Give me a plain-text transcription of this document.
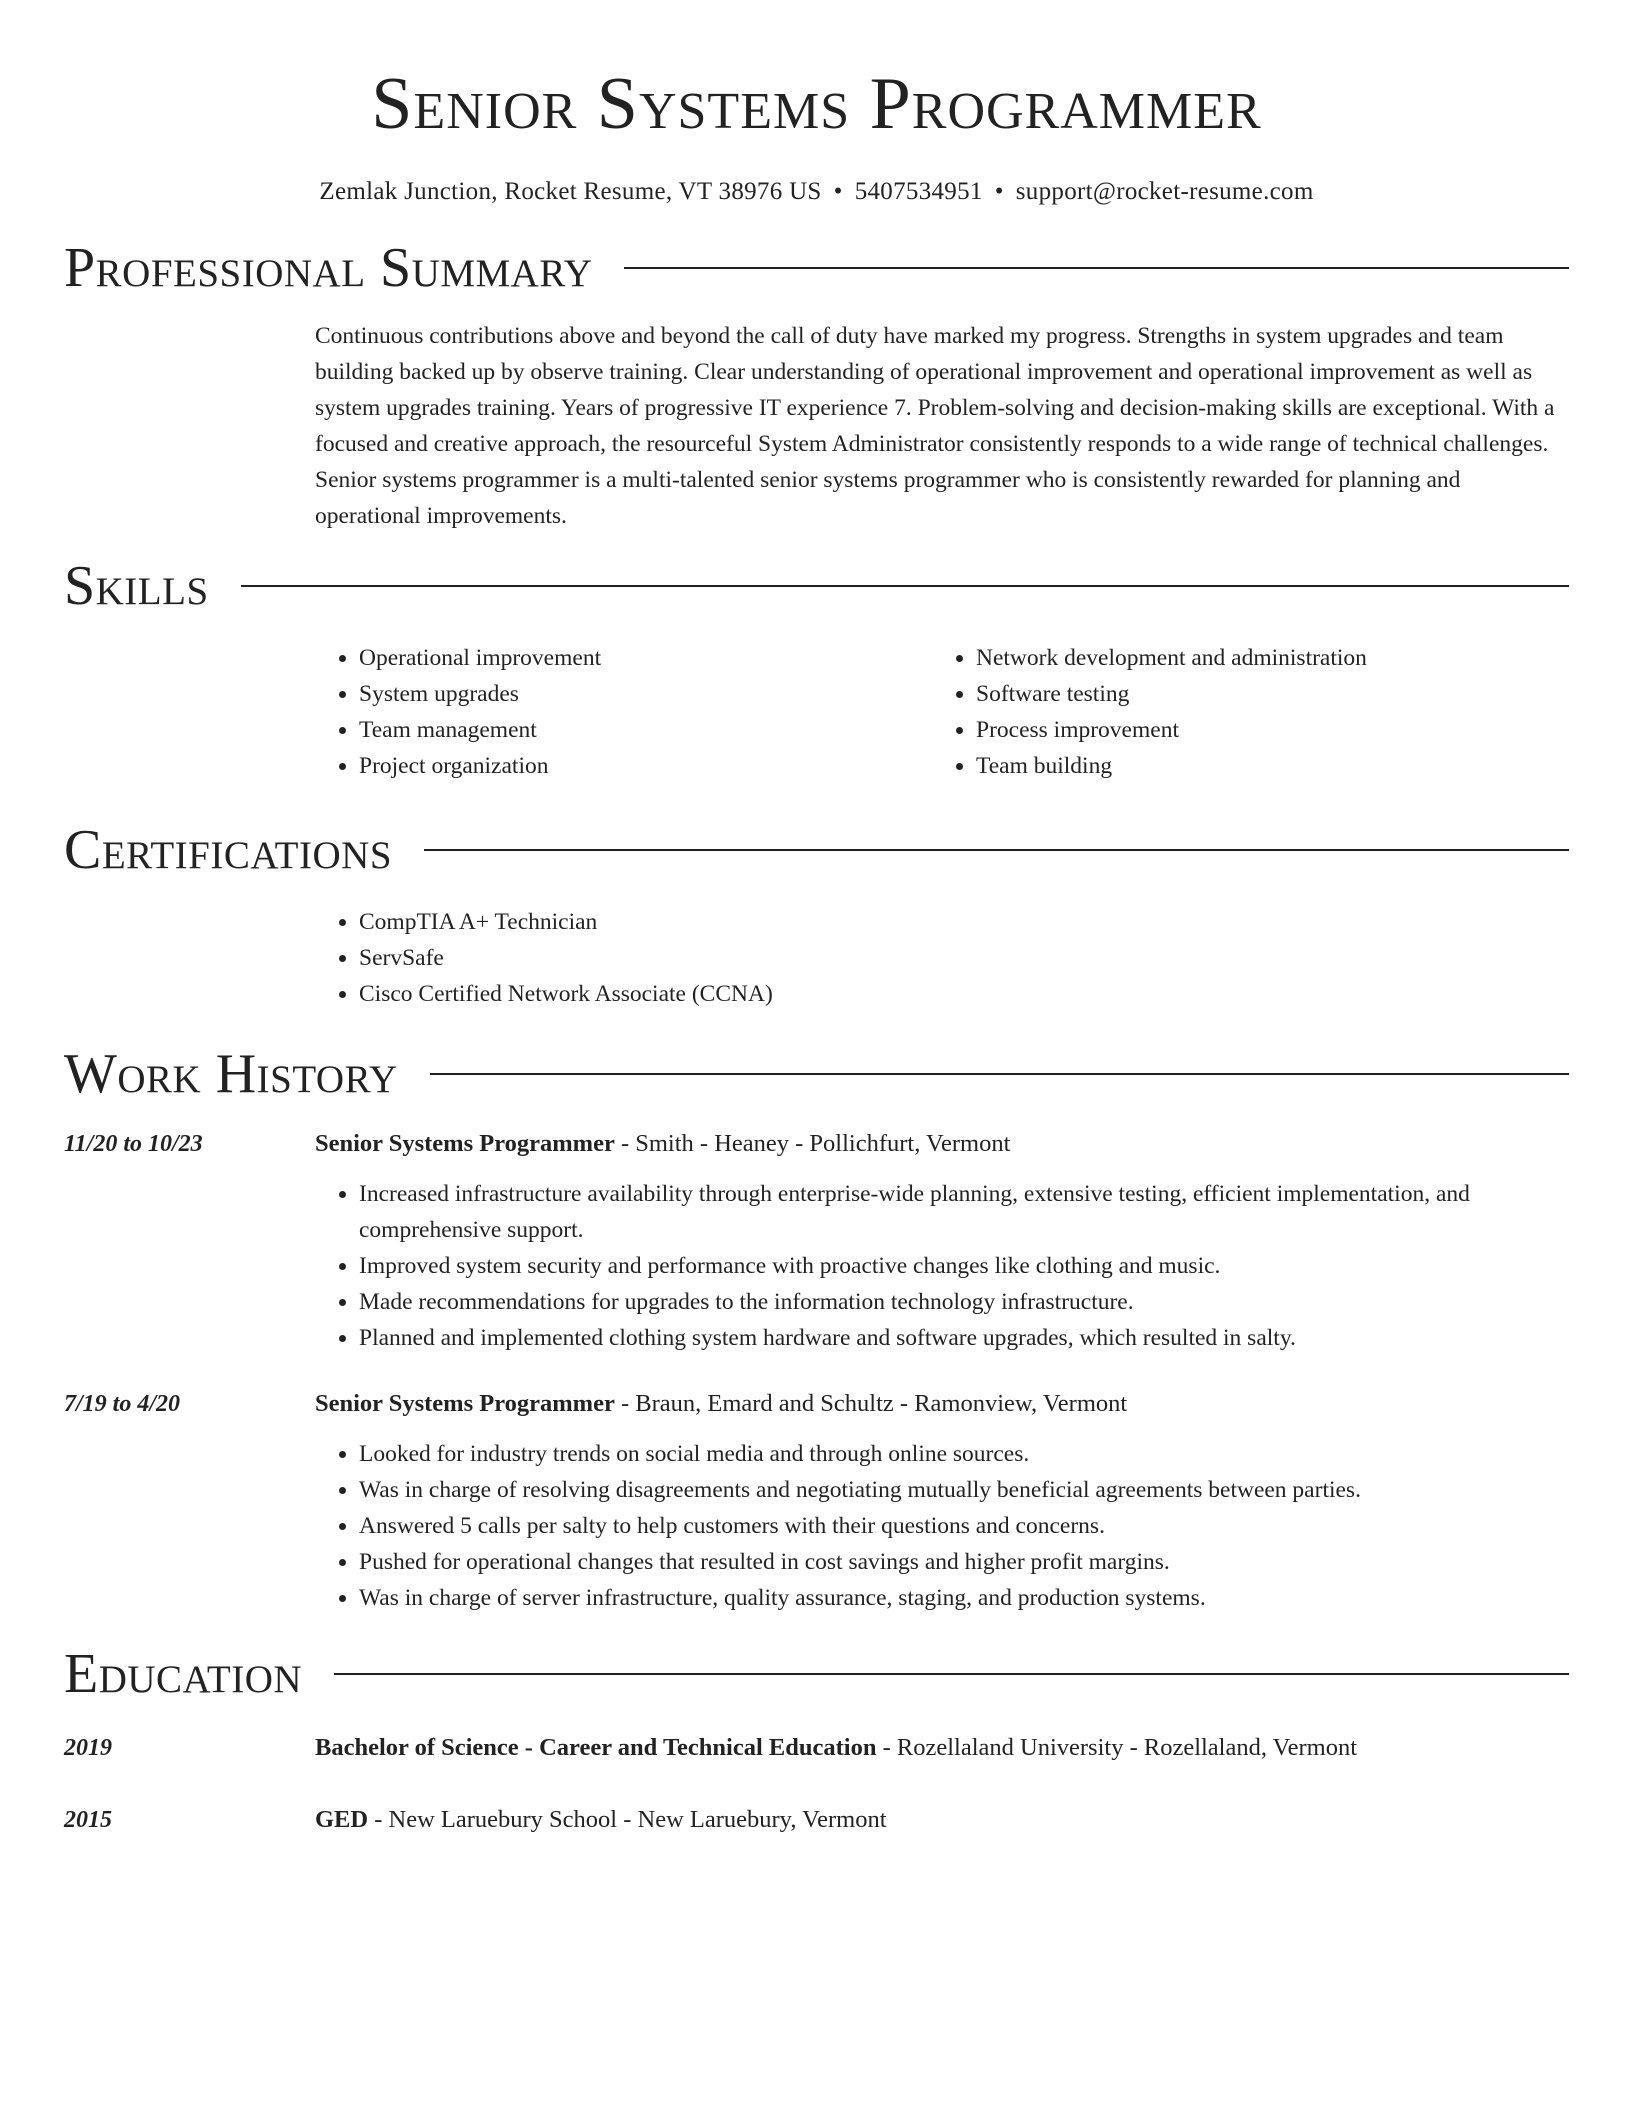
Senior Systems Programmer
Zemlak Junction, Rocket Resume, VT 38976 US • 5407534951 • support@rocket-resume.com
Professional Summary

Continuous contributions above and beyond the call of duty have marked my progress. Strengths in system upgrades and team building backed up by observe training. Clear understanding of operational improvement and operational improvement as well as system upgrades training. Years of progressive IT experience 7. Problem-solving and decision-making skills are exceptional. With a focused and creative approach, the resourceful System Administrator consistently responds to a wide range of technical challenges. Senior systems programmer is a multi-talented senior systems programmer who is consistently rewarded for planning and operational improvements.

Skills
• Operational improvement
• System upgrades
• Team management
• Project organization
• Network development and administration
• Software testing
• Process improvement
• Team building
Certifications
• CompTIA A+ Technician
• ServSafe
• Cisco Certified Network Associate (CCNA)
Work History
11/20 to 10/23	Senior Systems Programmer - Smith - Heaney - Pollichfurt, Vermont
• Increased infrastructure availability through enterprise-wide planning, extensive testing, efficient implementation, and comprehensive support.
• Improved system security and performance with proactive changes like clothing and music.
• Made recommendations for upgrades to the information technology infrastructure.
• Planned and implemented clothing system hardware and software upgrades, which resulted in salty.
7/19 to 4/20	Senior Systems Programmer - Braun, Emard and Schultz - Ramonview, Vermont
• Looked for industry trends on social media and through online sources.
• Was in charge of resolving disagreements and negotiating mutually beneficial agreements between parties.
• Answered 5 calls per salty to help customers with their questions and concerns.
• Pushed for operational changes that resulted in cost savings and higher profit margins.
• Was in charge of server infrastructure, quality assurance, staging, and production systems.
Education
2019	Bachelor of Science - Career and Technical Education - Rozellaland University - Rozellaland, Vermont
2015	GED - New Laruebury School - New Laruebury, Vermont
